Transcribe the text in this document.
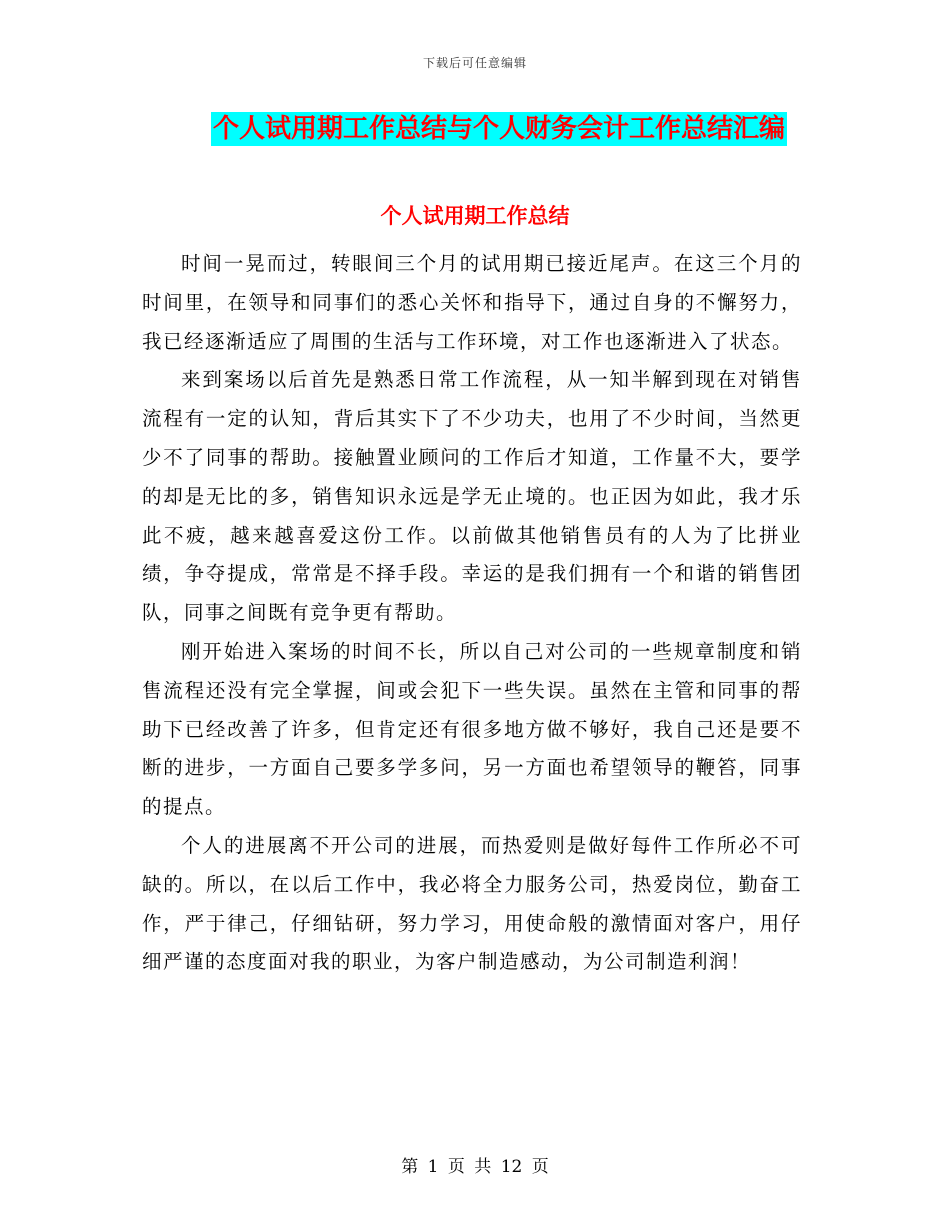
下载后可任意编辑
个人试用期工作总结与个人财务会计工作总结汇编
个人试用期工作总结

时间一晃而过，转眼间三个月的试用期已接近尾声。在这三个月的时间里，在领导和同事们的悉心关怀和指导下，通过自身的不懈努力，我已经逐渐适应了周围的生活与工作环境，对工作也逐渐进入了状态。

来到案场以后首先是熟悉日常工作流程，从一知半解到现在对销售流程有一定的认知，背后其实下了不少功夫，也用了不少时间，当然更少不了同事的帮助。接触置业顾问的工作后才知道，工作量不大，要学的却是无比的多，销售知识永远是学无止境的。也正因为如此，我才乐此不疲，越来越喜爱这份工作。以前做其他销售员有的人为了比拼业绩，争夺提成，常常是不择手段。幸运的是我们拥有一个和谐的销售团队，同事之间既有竞争更有帮助。

刚开始进入案场的时间不长，所以自己对公司的一些规章制度和销售流程还没有完全掌握，间或会犯下一些失误。虽然在主管和同事的帮助下已经改善了许多，但肯定还有很多地方做不够好，我自己还是要不断的进步，一方面自己要多学多问，另一方面也希望领导的鞭笞，同事的提点。

个人的进展离不开公司的进展，而热爱则是做好每件工作所必不可缺的。所以，在以后工作中，我必将全力服务公司，热爱岗位，勤奋工作，严于律己，仔细钻研，努力学习，用使命般的激情面对客户，用仔细严谨的态度面对我的职业，为客户制造感动，为公司制造利润！

第 1 页 共 12 页
